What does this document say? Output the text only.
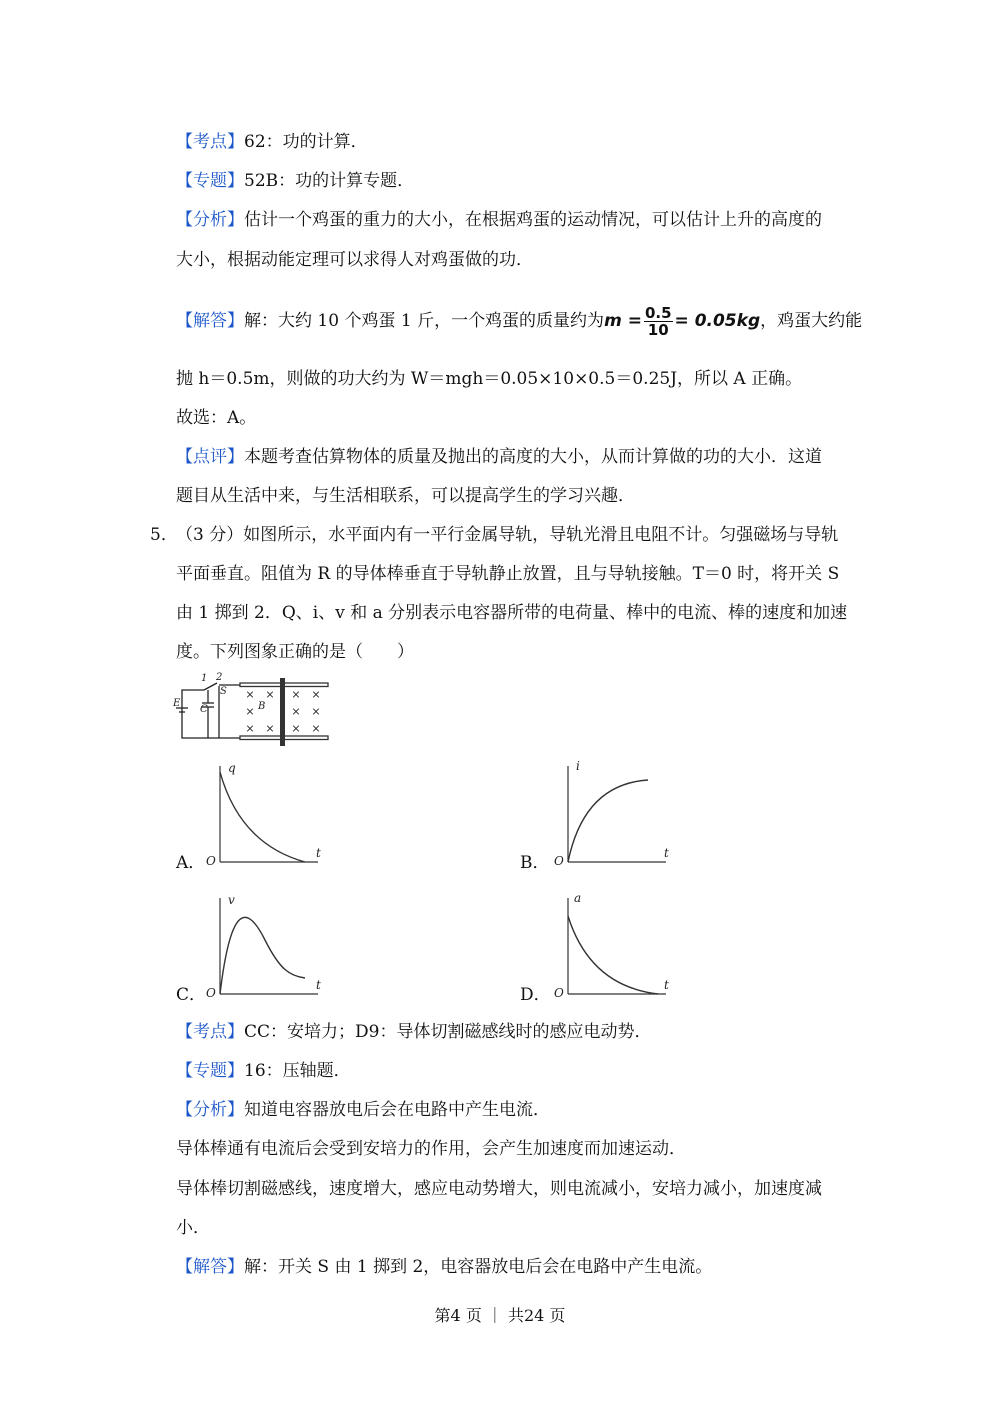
【考点】62：功的计算．
【专题】52B：功的计算专题．
【分析】估计一个鸡蛋的重力的大小，在根据鸡蛋的运动情况，可以估计上升的高度的
大小，根据动能定理可以求得人对鸡蛋做的功．
【解答】解：大约 10 个鸡蛋 1 斤，一个鸡蛋的质量约为$m = \frac{0.5}{10} = 0.05kg$，鸡蛋大约能
抛 h＝0.5m，则做的功大约为 W＝mgh＝0.05×10×0.5＝0.25J，所以 A 正确。
故选：A。
【点评】本题考查估算物体的质量及抛出的高度的大小，从而计算做的功的大小．这道
题目从生活中来，与生活相联系，可以提高学生的学习兴趣．
5．
（3 分）如图所示，水平面内有一平行金属导轨，导轨光滑且电阻不计。匀强磁场与导轨
平面垂直。阻值为 R 的导体棒垂直于导轨静止放置，且与导轨接触。T＝0 时，将开关 S
由 1 掷到 2．Q、i、v 和 a 分别表示电容器所带的电荷量、棒中的电流、棒的速度和加速
度。下列图象正确的是（　　）
× × × ×
×	× ×
× × × ×
1 2
S
E
C	B
A．
q
t
O	B．
i
t
O
C．
v
t
O	D．
a
t
O
【考点】CC：安培力；D9：导体切割磁感线时的感应电动势．
【专题】16：压轴题．
【分析】知道电容器放电后会在电路中产生电流．
导体棒通有电流后会受到安培力的作用，会产生加速度而加速运动．
导体棒切割磁感线，速度增大，感应电动势增大，则电流减小，安培力减小，加速度减
小．
【解答】解：开关 S 由 1 掷到 2，电容器放电后会在电路中产生电流。
第4 页 ｜ 共24 页
